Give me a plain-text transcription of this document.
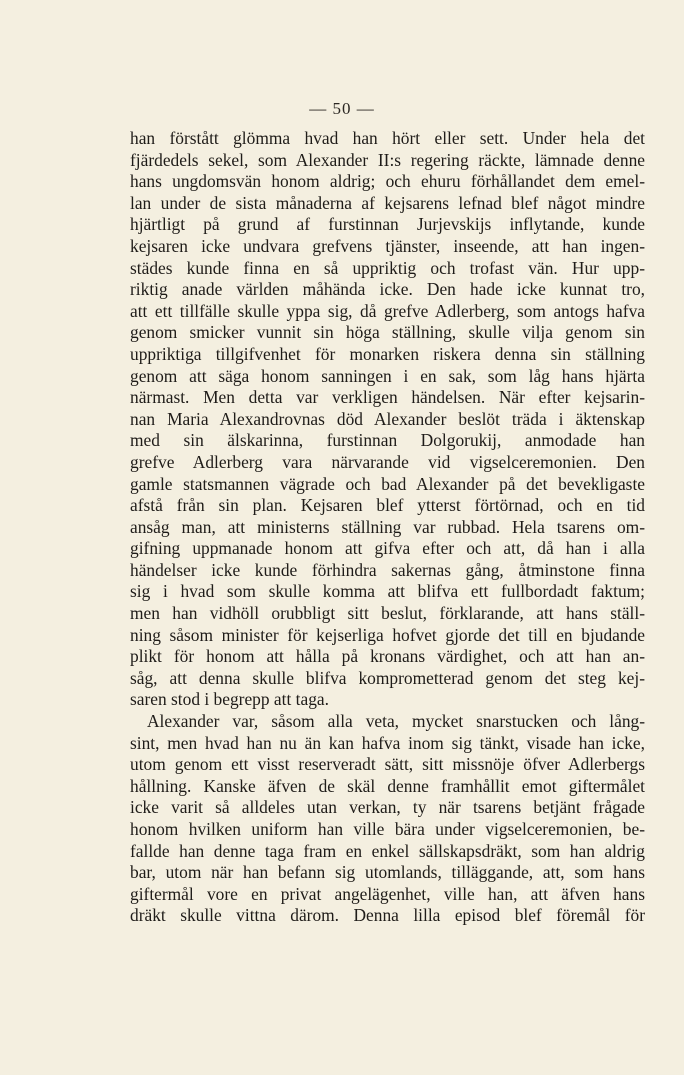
— 50 —
han förstått glömma hvad han hört eller sett. Under hela det
fjärdedels sekel, som Alexander II:s regering räckte, lämnade denne
hans ungdomsvän honom aldrig; och ehuru förhållandet dem emel-
lan under de sista månaderna af kejsarens lefnad blef något mindre
hjärtligt på grund af furstinnan Jurjevskijs inflytande, kunde
kejsaren icke undvara grefvens tjänster, inseende, att han ingen-
städes kunde finna en så uppriktig och trofast vän. Hur upp-
riktig anade världen måhända icke. Den hade icke kunnat tro,
att ett tillfälle skulle yppa sig, då grefve Adlerberg, som antogs hafva
genom smicker vunnit sin höga ställning, skulle vilja genom sin
uppriktiga tillgifvenhet för monarken riskera denna sin ställning
genom att säga honom sanningen i en sak, som låg hans hjärta
närmast. Men detta var verkligen händelsen. När efter kejsarin-
nan Maria Alexandrovnas död Alexander beslöt träda i äktenskap
med sin älskarinna, furstinnan Dolgorukij, anmodade han
grefve Adlerberg vara närvarande vid vigselceremonien. Den
gamle statsmannen vägrade och bad Alexander på det bevekligaste
afstå från sin plan. Kejsaren blef ytterst förtörnad, och en tid
ansåg man, att ministerns ställning var rubbad. Hela tsarens om-
gifning uppmanade honom att gifva efter och att, då han i alla
händelser icke kunde förhindra sakernas gång, åtminstone finna
sig i hvad som skulle komma att blifva ett fullbordadt faktum;
men han vidhöll orubbligt sitt beslut, förklarande, att hans ställ-
ning såsom minister för kejserliga hofvet gjorde det till en bjudande
plikt för honom att hålla på kronans värdighet, och att han an-
såg, att denna skulle blifva komprometterad genom det steg kej-
saren stod i begrepp att taga.
Alexander var, såsom alla veta, mycket snarstucken och lång-
sint, men hvad han nu än kan hafva inom sig tänkt, visade han icke,
utom genom ett visst reserveradt sätt, sitt missnöje öfver Adlerbergs
hållning. Kanske äfven de skäl denne framhållit emot giftermålet
icke varit så alldeles utan verkan, ty när tsarens betjänt frågade
honom hvilken uniform han ville bära under vigselceremonien, be-
fallde han denne taga fram en enkel sällskapsdräkt, som han aldrig
bar, utom när han befann sig utomlands, tilläggande, att, som hans
giftermål vore en privat angelägenhet, ville han, att äfven hans
dräkt skulle vittna därom. Denna lilla episod blef föremål för
